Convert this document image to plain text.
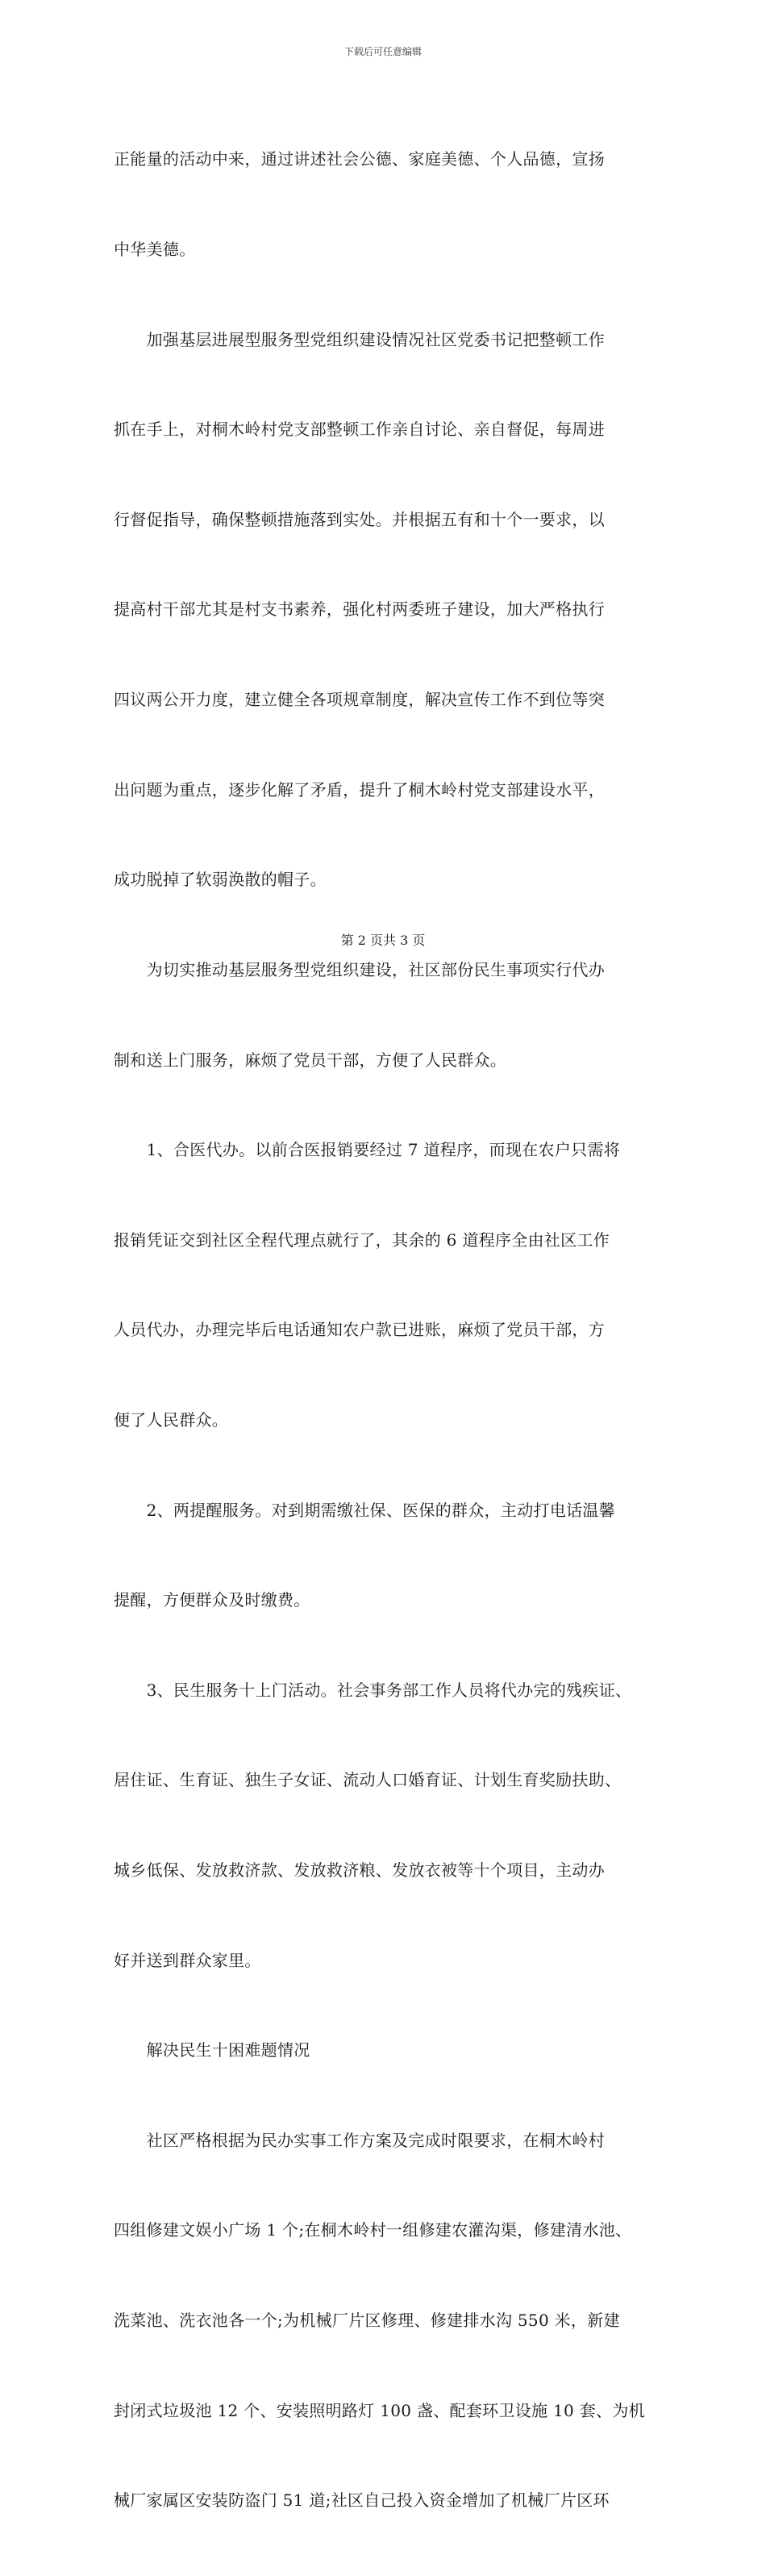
下载后可任意编辑

正能量的活动中来，通过讲述社会公德、家庭美德、个人品德，宣扬

中华美德。

　　加强基层进展型服务型党组织建设情况社区党委书记把整顿工作

抓在手上，对桐木岭村党支部整顿工作亲自讨论、亲自督促，每周进

行督促指导，确保整顿措施落到实处。并根据五有和十个一要求，以

提高村干部尤其是村支书素养，强化村两委班子建设，加大严格执行

四议两公开力度，建立健全各项规章制度，解决宣传工作不到位等突

出问题为重点，逐步化解了矛盾，提升了桐木岭村党支部建设水平，

成功脱掉了软弱涣散的帽子。

　　为切实推动基层服务型党组织建设，社区部份民生事项实行代办

制和送上门服务，麻烦了党员干部，方便了人民群众。

　　1、合医代办。以前合医报销要经过 7 道程序，而现在农户只需将

报销凭证交到社区全程代理点就行了，其余的 6 道程序全由社区工作

人员代办，办理完毕后电话通知农户款已进账，麻烦了党员干部，方

便了人民群众。

　　2、两提醒服务。对到期需缴社保、医保的群众，主动打电话温馨

提醒，方便群众及时缴费。

　　3、民生服务十上门活动。社会事务部工作人员将代办完的残疾证、

居住证、生育证、独生子女证、流动人口婚育证、计划生育奖励扶助、

城乡低保、发放救济款、发放救济粮、发放衣被等十个项目，主动办

好并送到群众家里。

　　解决民生十困难题情况

　　社区严格根据为民办实事工作方案及完成时限要求，在桐木岭村

四组修建文娱小广场 1 个;在桐木岭村一组修建农灌沟渠，修建清水池、

洗菜池、洗衣池各一个;为机械厂片区修理、修建排水沟 550 米，新建

封闭式垃圾池 12 个、安装照明路灯 100 盏、配套环卫设施 10 套、为机

械厂家属区安装防盗门 51 道;社区自己投入资金增加了机械厂片区环

第 2 页共 3 页
